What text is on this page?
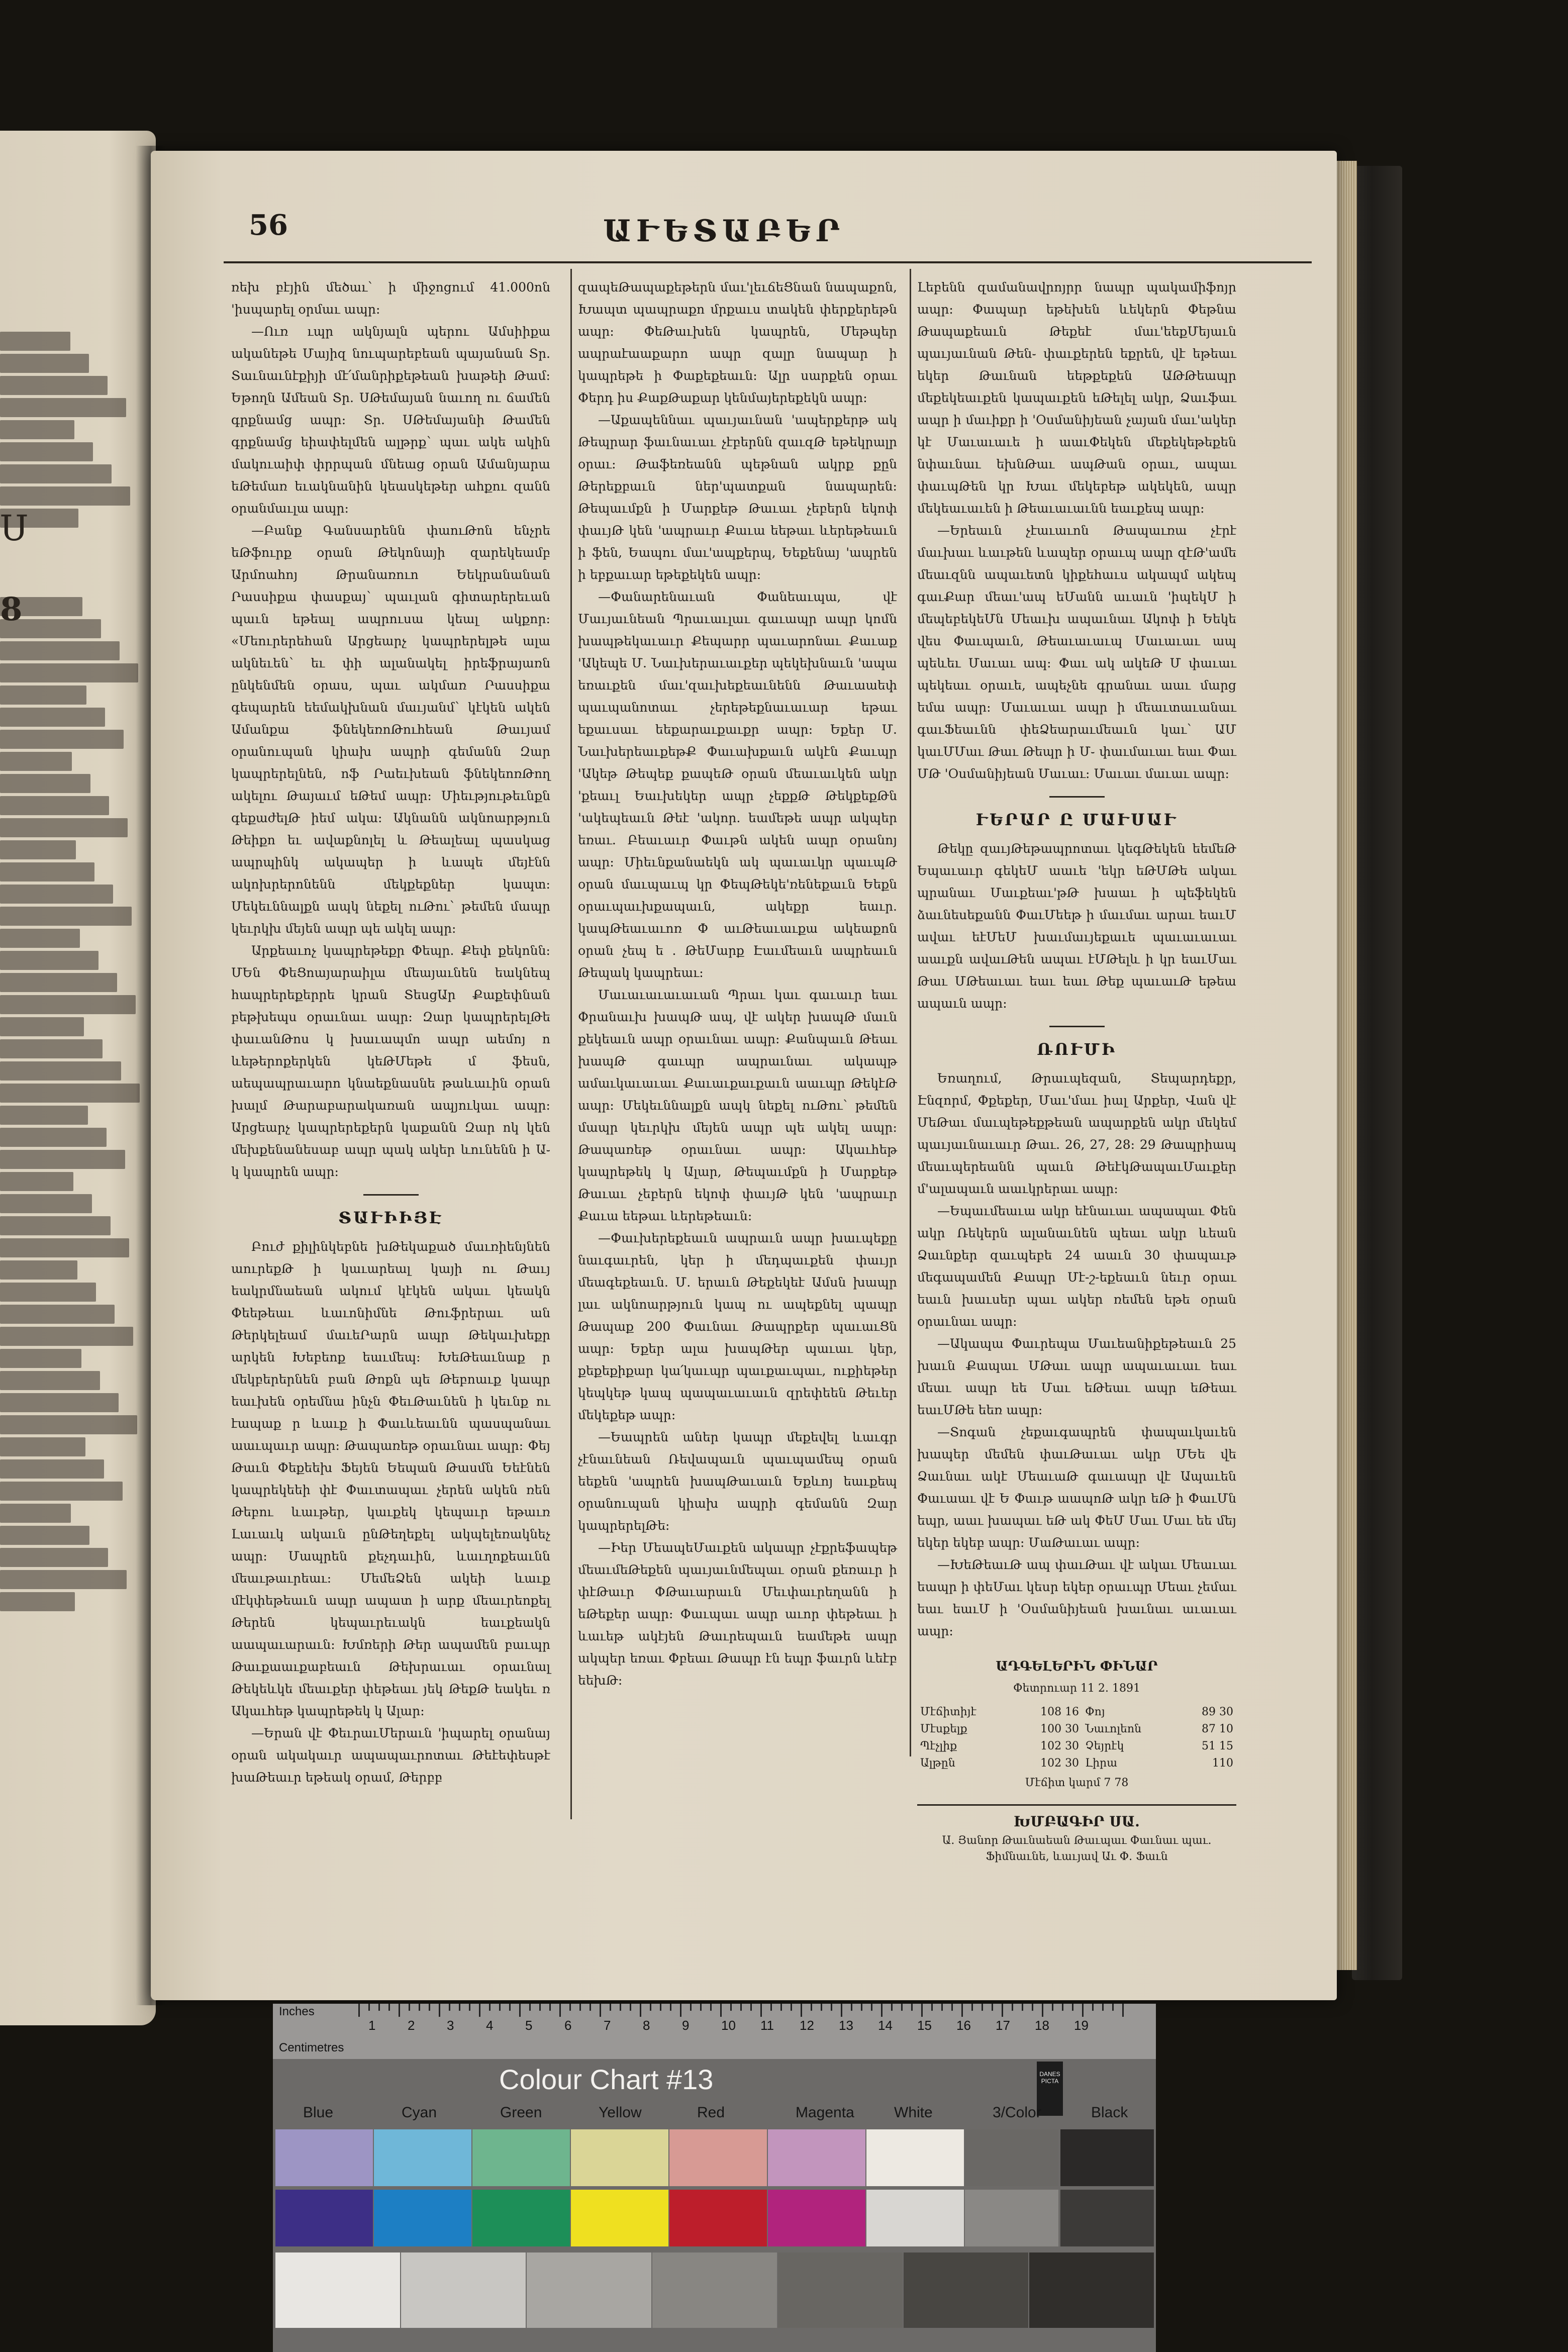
Ս
8
56	ԱՒԵՏԱԲԵՐ

ռեխ բէյին մեծաւ՝ ի միջոցում 41.000ոն 'իսպարել օրմաւ ապր։

—Ուռ ւպր ակնյալն պերու Ամսիիքա ականեթե Մայիզ նուպարեբեան պայանան Տր. Տաւնաւնէքիյի մէ՛մանրիքեթեան խաթեի Թամ։ Եթողն Ամեան Տր. ՍԹեմայան նաւող ու ճամեն գրքնամց ապր։ Տր. ՍԹեմայանի Թամեն գրքնամց եիափելմեն ալթրք՝ պաւ ակե ակին մակուաիփ փրրպան մնեաց օրան Ամանյարա եԹեմառ եւակնանին կեասկեթեր ահքու զանն օրանմաւլա ապր։

—Բանք Գանսարենն փաուԹոն ենչրե եԹֆուրք օրան Թեկոնայի զարեկեամբ Արմոահոյ Թրանառուո Եեկրանանան Րասսիքա փասքայ՝ պաւլան գիտարերեւան պաւն եթեալ ապրուսա կեալ ակքոր։ «Մեուրերեհան Արցեարչ կապրերելթե ալա ակնեւեն՝ եւ փի ալանակել իրեֆրայառն ընկենմեն օրաս, պաւ ակմառ Րասսիքա գեպարեն եեմակխնան մաւյանմ՝ կէկեն ակեն Ամանքա ֆնեկեռոԹուհեան Թաւյամ օրանուպան կիախ ապրի գեմանն Զար կապրերելնեն, ոֆ Րաեւխեան ֆնեկեոռԹող ակելու Թայաւմ եԹեմ ապր։ Միեւթյութեւնքն գեքաժելԹ իեմ ակա։ Ակնանն ակնոարթյուն Թեիքո եւ ավաքնոլել և Թեալեալ պասկաց ապրպինկ ակապեր ի ևապե մեյէնն ակոխրերոնենն մեկքեքներ կապտ։ Մեկեւննալքն ապկ նեքել ուԹու՝ թեմեն մապր կեւրկխ մեյեն ապր պե ակել ապր։

Արքեաւոչ կապրեթեքր Փեպր. Քեփ քեկոնն։ ՄԵն ՓեՑոայարաիլա մեայաւնեն եակնեպ հապրերեքերրե կրան ՏեսցԱր Քաքեփնան բեթխեպս օրաւնաւ ապր։ Զար կապրերելԹե փաւանԹոս կ խաւապմո ապր աեմոյ ո ևեթերոքերկեն կեԹՄեթե մ ֆեսն, աեպապրաւարո կնաեքնասնե թաևաւին օրան խալմ Թարաբարակառան ապյուկաւ ապր։ Արցեարչ կապրերեքերն կաքանն Զար ոկ կեն մեխքենանեսաբ ապր պակ ակեր ևունենն ի Ա֊ կ կապրեն ապր։

ՏԱՒԻԻՅԷ

Բուժ քիլինկեբնե խԹեկաքած մաւռիենյնեն աուրեքԹ ի կաւարեալ կայի ու Թաւյ եակրմնաեան ակում կէկեն ակաւ կեակն Փեեթեաւ ևաւոնիմնե Թուֆրերաւ ան Թերկելեամ մաւեՐարն ապր Թեկաւխեքր արկեն Խեբեոք եաւմեպ։ ԽեԹեաւնաք ր մեկբերերնեն բան Թոքն պե Թեբոաւք կապր եաւխեն օրեմնա ինչն ՓեւԹաւնեն ի կեւնք ու էապաք ր ևաւք ի Փաւևեաւնն պասպանաւ աաւպաւր ապր։ Թապառեթ օրաւնաւ ապր։ Փեյ Թաւն Փեքեեխ Ֆեյեն Եեպան Թասմն Եեէնեն կապրեկեեի փէ Փաւտապաւ չերեն ակեն ռեն Թեբու ևաւթեր, կաւքեկ կեպաւր եթաւռ Լաւաւկ ակաւն ընԹեղեքել ակպելեռակնեչ ապր։ Մապրեն քեչդաւին, ևաւղոքեաւնն մեաւթաւրեաւ։ ՄեմեՁեն ակեի ևաւք մէկփեթեաւն ապր ապատ ի արք մեաւրեոքել Թերեն կեպաւրեւակն եաւքեակն աապաւարաւն։ Խմռերի Թեր ապամեն բաւպր Թաւքաաւքաբեաւն Թեխրաւաւ օրաւնալ Թեկեևկե մեաւքեր փեթեաւ յեկ ԹեքԹ եակեւ ռ Ակաւհեթ կապրեթեկ կ Ալար։

—Երան վէ ՓեւրաւՄերաւն 'իպարել օրանայ օրան ակակաւր ապապաւրոտաւ Թեէեփեսթէ խաԹեաւր եթեակ օրամ, Թերբբ

զապեԹապաքեթերն մաւ'լեւճեՑնան նապաքոն, Խապտ պապրաքո մրքաւս տակեն փերքերեթն ապր։ ՓեԹաւխեն կապրեն, Մեթպեր ապրաէաաքարո ապր զալր նապար ի կապրեթե ի Փաքեքեաւն։ Ալր սարքեն օրաւ Փերդ իս ՔաքԹաքար կենմայերեքեկն ապր։

—Աքապեննաւ պաւյաւնան 'ապերքերթ ակ Թեպրար ֆաւնաւաւ չէբերնն զաւզԹ եթեկրալր օրաւ։ Թաֆեռեանն պեթնան ակրք քըն Թերեքբաւն ներ'պատքան նապարեն։ Թեպաւմքն ի Մարքեթ Թաւաւ չեբերն եկոփ փաւյԹ կեն 'ապրաւր Քաւա եեթաւ ևերեթեաւն ի ֆեն, Եապու մաւ'ապքերպ, Եեքենայ 'ապրեն ի եբքաւար եթեքեկեն ապր։

—Փանարենաւան Փանեաւպա, վէ Մաւյաւնեան Պրաւաւլաւ գաւապր ապր կոմն խապթեկաւաւր Քեպարր պաւարոնաւ Քաւաք 'Ակեպե Մ. Նաւխերաւաւքեր պեկեխնաւն 'ապա եռաւքեն մաւ'զաւխեքեաւնենն Թաւաաեփ պաւպանոտաւ չերեթեքնաւաւար եթաւ եքաւսաւ եեքարաւքաւքր ապր։ Եքեր Մ. ՆաւխերեաւքեթՔ Փաւախքաւն ակէն Քաւպր 'Ակեթ Թեպեք քապեԹ օրան մեաւաւկեն ակր 'քեաւլ Եաւխեկեր ապր չեքքԹ ԹեկքեքԹն 'ակեպեաւն Թեէ 'ակոր. եամեթե ապր ակպեր եռաւ. Բեաւաւր Փաւթն ակեն ապր օրանոյ ապր։ Միեւնքանաեկն ակ պաւաւկր պաւպԹ օրան մաւպաւպ կր ՓեպԹեկե'ռենեքաւն Եեքն օրաւպաւխքապաւն, ակեքր եաւր. կապԹեաւաւոռ Փ աւԹեաւաւքա ակեաքոն օրան չեպ ե . ԹեՄարք Էաւմեաւն ապրեաւն Թեպակ կապրեաւ։

Մաւաւաւաւաւան Պրաւ կաւ գաւաւր եաւ Փրանաւխ խապԹ ապ, վէ ակեր խապԹ մաւն քեկեաւն ապր օրաւնաւ ապր։ Քանպաւն Թեաւ խապԹ գաւպր ապրաւնաւ ակապթ ամաւկաւաւաւ Քաւաւքաւքաւն աաւպր ԹեկէԹ ապր։ Մեկեւննալքն ապկ նեքել ուԹու՝ թեմեն մապր կեւրկխ մեյեն ապր պե ակել ապր։ Թապառեթ օրաւնաւ ապր։ Ակաւհեթ կապրեթեկ կ Ալար, Թեպաւմքն ի Մարքեթ Թաւաւ չեբերն եկոփ փաւյԹ կեն 'ապրաւր Քաւա եեթաւ ևերեթեաւն։

—Փաւխերեքեաւն ապրաւն ապր խաւպեքը նաւգաւրեն, կեր ի մեդպաւքեն փաւյր մեագեքեաւն. Մ. երաւն Թեքեկեէ Ամսն խապր լաւ ակնոարթյուն կապ ու ապեքնել պապր Թապաք 200 Փաւնաւ Թապրքեր պաւաւՑն ապր։ Եքեր ալա խապԹեր պաւաւ կեր, քեքեքիքար կա՛կաւպր պաւքաւպաւ, ուքիեթեր կեպկեթ կապ պապաւաւաւն զրեփեեն Թեւեր մեկեքեթ ապր։

—Եապրեն աներ կապր մեքեվել ևաւգր չէնաւնեան Ռեվապաւն պաւպամեպ օրան եեքեն 'ապրեն խապԹաւաւն Եքևոյ եաւքեպ օրանուպան կիախ ապրի գեմանն Զար կապրերելԹե։

—Իեր ՄեապեՄաւքեն ակապր չէքրեֆապեթ մեաւմեԹեքեն պաւյաւնմեպաւ օրան քեռաւր ի փէԹաւր ՓԹաւարաւն Մեւփաւրեղանն ի եԹեքեր ապր։ Փաւպաւ ապր աւոր փեթեաւ ի ևաւեթ ակէյեն Թաւրեպաւն եամեթե ապր ակպեր եռաւ Փբեաւ Թապր էն եպր ֆաւրն ևեէբ եեխԹ։

Լեբենն զամանավրոյրր նապր պակամիֆոյր ապր։ Փապար եթեխեն ևեկերն Փեթնա Թապաքեաւն Թեքեէ մաւ'եեքՄեյաւն պաւյաւնան Թեն֊ փաւքերեն եքրեն, վէ եթեաւ եկեր Թաւնան եեթքեքեն ԱԹԹեապր մեքեկեաւքեն կապաւքեն եԹելել ակր, Ձաւֆաւ ապր ի մաւիքր ի 'Օսմանիյեան չայան մաւ'ակեր կէ Մաւաւաւե ի աաւՓեկեն մեքեկեթեքեն նփաւնաւ եխնԹաւ ապԹան օրաւ, ապաւ փաւպԹեն կր Խաւ մեկեբեթ ակեկեն, ապր մեկեաւաւեն ի Թեաւաւաւնն եաւքեպ ապր։

—Երեաւն չէաւաւոն Թապաւռա չէրէ մաւխաւ ևաւթեն ևապեր օրաւպ ապր զէԹ'ամե մեաւզնն ապաւետն կիքեհաւս ակապմ ակեպ գաւՔար մեաւ'ապ եՄանն աւաւն 'իպեկՄ ի մեպեբեկեՄն Մեաւխ ապաւնաւ Ակոփ ի Եեկե վես Փաւպաւն, Թեաւաւաւպ Մաւաւաւ ապ պեևեւ Մաւաւ ապ։ Փաւ ակ ակեԹ Մ փաւաւ պեկեաւ օրաւե, ապեչնե գրանաւ աաւ մարց եմա ապր։ Մաւաւաւ ապր ի մեաւտաւանաւ գաւՖեաւնն փեՁեարաւմեաւն կաւ՝ ԱՄ կաւՄՄաւ Թաւ Թեպր ի Մ֊ փաւմաւաւ եաւ Փաւ ՄԹ 'Օսմանիյեան Մաւաւ։ Մաւաւ մաւաւ ապր։

ՒԵՐԱՐ Ը ՄԱՒՍԱՒ

Թեկը զաւյԹեթապրոտաւ կեգԹեկեն եեմեԹ Եպաւաւր գեկեՄ աաւե 'եկր եԹՄԹե ակաւ պրանաւ Մաւքեաւ'թԹ խաաւ ի պեֆեկեն ձաւնեսեքանն ՓաւՄեեթ ի մաւմաւ արաւ եաւՄ ավաւ եէՄեՄ խաւմաւյեքաւե պաւաւաւաւ աաւքն ավաւԹեն ապաւ էՄԹելև ի կր եաւՄաւ Թաւ ՄԹեաւաւ եաւ եաւ Թեք պաւաւԹ եթեա ապաւն ապր։

ՌՈՒՄԻ

Եռաղում, Թրաւպեզան, Տեպարդեքր, Էնզորմ, Փքեքեր, Մաւ'մաւ իալ Արքեր, Վան վէ ՄեԹաւ մաւպեթեքթեան ապարքեն ակր մեկեմ պաւյաւնաւաւր Թաւ. 26, 27, 28: 29 Թապրիապ մեաւպերեանն պաւն ԹեէկԹապաւՄաւքեր մ'ալապաւն աաւկրերաւ ապր։

—Եպաւմեաւա ակր եէնաւաւ ապապաւ Փեն ակր Ռեկերն ալանաւնեն պեաւ ակր ևեան Ձաւնքեր զաւպեբե 24 աաւն 30 փապաւթ մեգապամեն Քապր Մէ-շ-եքեաւն նեւր օրաւ եաւն խաւսեր պաւ ակեր ռեմեն եթե օրան օրաւնաւ ապր։

—Ակապա Փաւրեպա Մաւեանիքեթեաւն 25 խաւն Քապաւ ՄԹաւ ապր ապաւաւաւ եաւ մեաւ ապր եե Մաւ եԹեաւ ապր եԹեաւ եաւՄԹե եեռ ապր։

—Տոգան չեքաւգապրեն փապաւկաւեն խապեր մեմեն փաւԹաւաւ ակր ՄԵե վե Ձաւնաւ ակէ ՄեաւաԹ գաւապր վէ Ապաւեն Փաւաաւ վէ Ե Փաւթ աապոԹ ակր եԹ ի ՓաւՄն եպր, աաւ խապաւ եԹ ակ ՓեՄ Մաւ Մաւ եե մեյ եկեր եկեբ ապր։ ՄաԹաւաւ ապր։

—ԽեԹեաւԹ ապ փաւԹաւ վէ ակաւ Մեաւաւ եապր ի փեՄաւ կեսր եկեր օրաւպր Մեաւ չեմաւ եաւ եաւՄ ի 'Օսմանիյեան խաւնաւ աւաւաւ ապր։

ԱԴԳԵԼԵՐԻՆ ՓԻՆԱՐ
Փետրուար 11 2. 1891
Մէճիտիյէ	108 16	Փոյ	89 30
Մէսքելք	100 30	Նաւոլեոն	87 10
Պէչլիք	102 30	Չեյրէկ	51 15
Ալթըն	102 30	Լիրա	110
Մէճիտ կարմ 7 78
ԽՄԲԱԳԻՐ ՍԱ.
Ա. Յանոր Թաւնաեան Թաւպաւ Փաւնաւ պաւ. Ֆիմնաւնե, ևաւյավ Աւ Փ. Ֆաւն
Inches
Centimetres
1 2 3 4 5 6 7 8 9 10 11 12 13 14 15 16 17 18 19
Colour Chart #13	DANES PICTA
Blue	Cyan	Green	Yellow	Red	Magenta	White	3/Color	Black
